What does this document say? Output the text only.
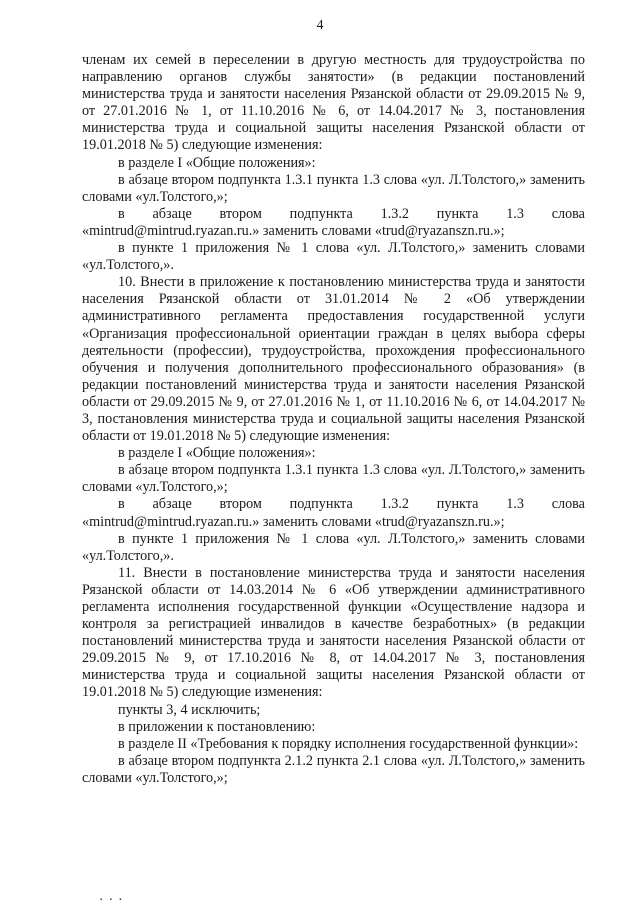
4

членам их семей в переселении в другую местность для трудоустройства по направлению органов службы занятости» (в редакции постановлений министерства труда и занятости населения Рязанской области от 29.09.2015 № 9, от 27.01.2016 № 1, от 11.10.2016 № 6, от 14.04.2017 № 3, постановления министерства труда и социальной защиты населения Рязанской области от 19.01.2018 № 5) следующие изменения:

в разделе I «Общие положения»:

в абзаце втором подпункта 1.3.1 пункта 1.3 слова «ул. Л.Толстого,» заменить словами «ул.Толстого,»;

в абзаце втором подпункта 1.3.2 пункта 1.3 слова «mintrud@mintrud.ryazan.ru.» заменить словами «trud@ryazanszn.ru.»;

в пункте 1 приложения № 1 слова «ул. Л.Толстого,» заменить словами «ул.Толстого,».

10. Внести в приложение к постановлению министерства труда и занятости населения Рязанской области от 31.01.2014 № 2 «Об утверждении административного регламента предоставления государственной услуги «Организация профессиональной ориентации граждан в целях выбора сферы деятельности (профессии), трудоустройства, прохождения профессионального обучения и получения дополнительного профессионального образования» (в редакции постановлений министерства труда и занятости населения Рязанской области от 29.09.2015 № 9, от 27.01.2016 № 1, от 11.10.2016 № 6, от 14.04.2017 № 3, постановления министерства труда и социальной защиты населения Рязанской области от 19.01.2018 № 5) следующие изменения:

в разделе I «Общие положения»:

в абзаце втором подпункта 1.3.1 пункта 1.3 слова «ул. Л.Толстого,» заменить словами «ул.Толстого,»;

в абзаце втором подпункта 1.3.2 пункта 1.3 слова «mintrud@mintrud.ryazan.ru.» заменить словами «trud@ryazanszn.ru.»;

в пункте 1 приложения № 1 слова «ул. Л.Толстого,» заменить словами «ул.Толстого,».

11. Внести в постановление министерства труда и занятости населения Рязанской области от 14.03.2014 № 6 «Об утверждении административного регламента исполнения государственной функции «Осуществление надзора и контроля за регистрацией инвалидов в качестве безработных» (в редакции постановлений министерства труда и занятости населения Рязанской области от 29.09.2015 № 9, от 17.10.2016 № 8, от 14.04.2017 № 3, постановления министерства труда и социальной защиты населения Рязанской области от 19.01.2018 № 5) следующие изменения:

пункты 3, 4 исключить;

в приложении к постановлению:

в разделе II «Требования к порядку исполнения государственной функции»:

в абзаце втором подпункта 2.1.2 пункта 2.1 слова «ул. Л.Толстого,» заменить словами «ул.Толстого,»;

▪ ▪ ▪
